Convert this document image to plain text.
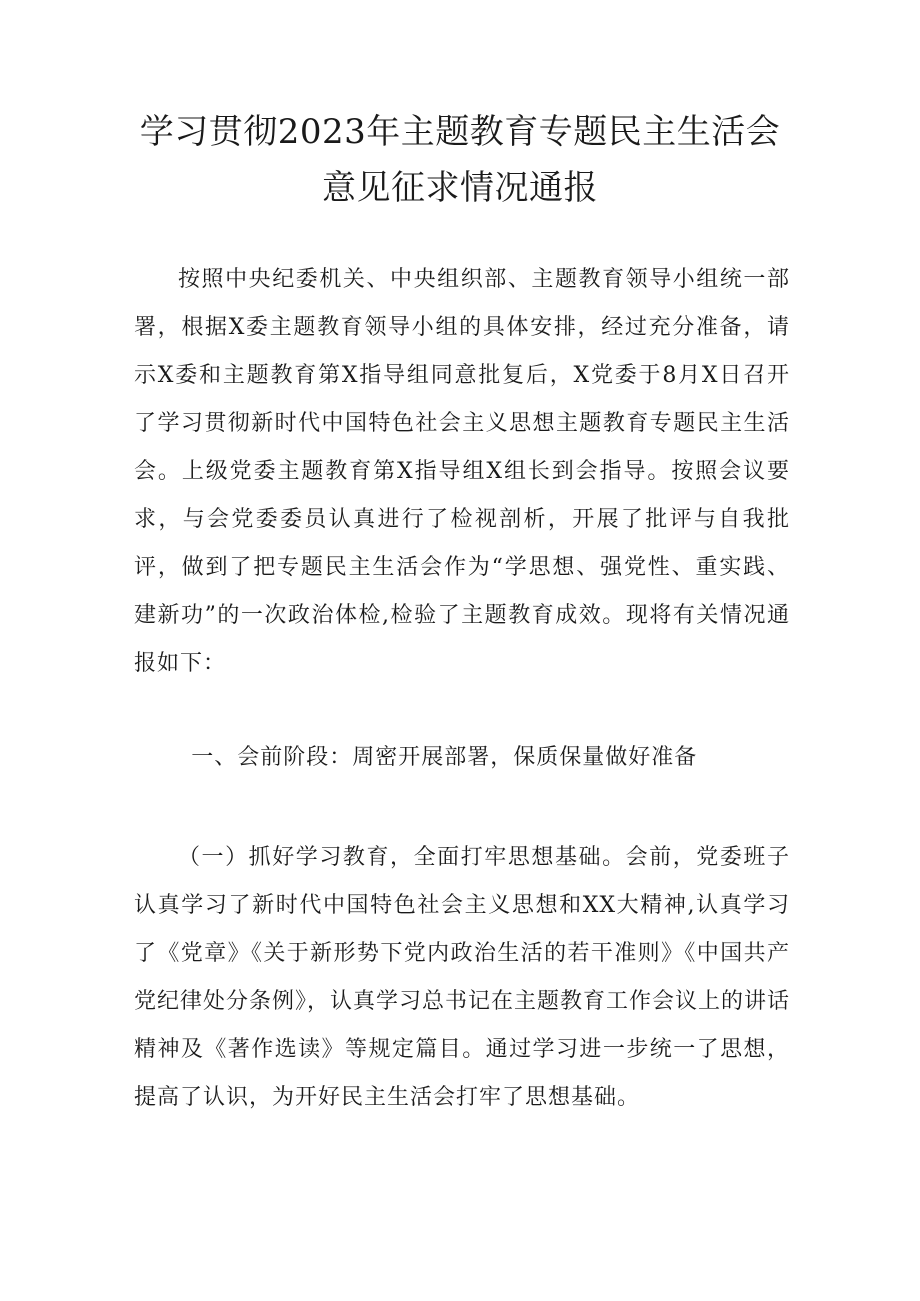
学习贯彻2023年主题教育专题民主生活会
意见征求情况通报

按照中央纪委机关、中央组织部、主题教育领导小组统一部署，根据X委主题教育领导小组的具体安排，经过充分准备，请示X委和主题教育第X指导组同意批复后，X党委于8月X日召开了学习贯彻新时代中国特色社会主义思想主题教育专题民主生活会。上级党委主题教育第X指导组X组长到会指导。按照会议要求，与会党委委员认真进行了检视剖析，开展了批评与自我批评，做到了把专题民主生活会作为“学思想、强党性、重实践、建新功”的一次政治体检,检验了主题教育成效。现将有关情况通报如下：

一、会前阶段：周密开展部署，保质保量做好准备

（一）抓好学习教育，全面打牢思想基础。会前，党委班子认真学习了新时代中国特色社会主义思想和XX大精神,认真学习了《党章》《关于新形势下党内政治生活的若干准则》《中国共产党纪律处分条例》，认真学习总书记在主题教育工作会议上的讲话精神及《著作选读》等规定篇目。通过学习进一步统一了思想，提高了认识，为开好民主生活会打牢了思想基础。
